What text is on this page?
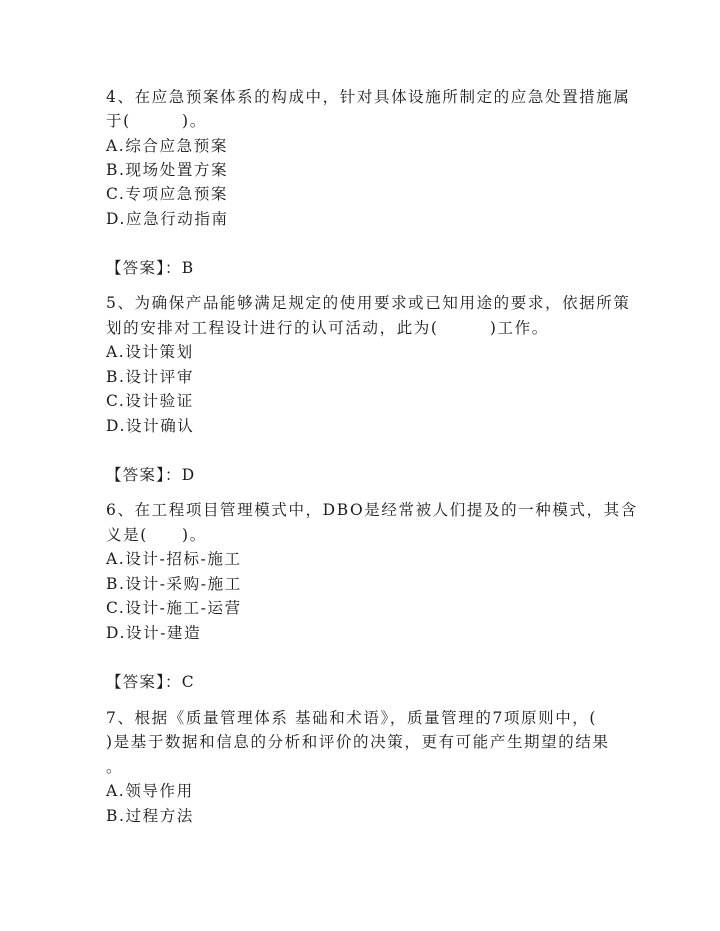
4、在应急预案体系的构成中，针对具体设施所制定的应急处置措施属
于(　　　)。
A.综合应急预案
B.现场处置方案
C.专项应急预案
D.应急行动指南
【答案】：B
5、为确保产品能够满足规定的使用要求或已知用途的要求，依据所策
划的安排对工程设计进行的认可活动，此为(　　　)工作。
A.设计策划
B.设计评审
C.设计验证
D.设计确认
【答案】：D
6、在工程项目管理模式中，DBO是经常被人们提及的一种模式，其含
义是(　　)。
A.设计-招标-施工
B.设计-采购-施工
C.设计-施工-运营
D.设计-建造
【答案】：C
7、根据《质量管理体系 基础和术语》，质量管理的7项原则中，(
)是基于数据和信息的分析和评价的决策，更有可能产生期望的结果
。
A.领导作用
B.过程方法
